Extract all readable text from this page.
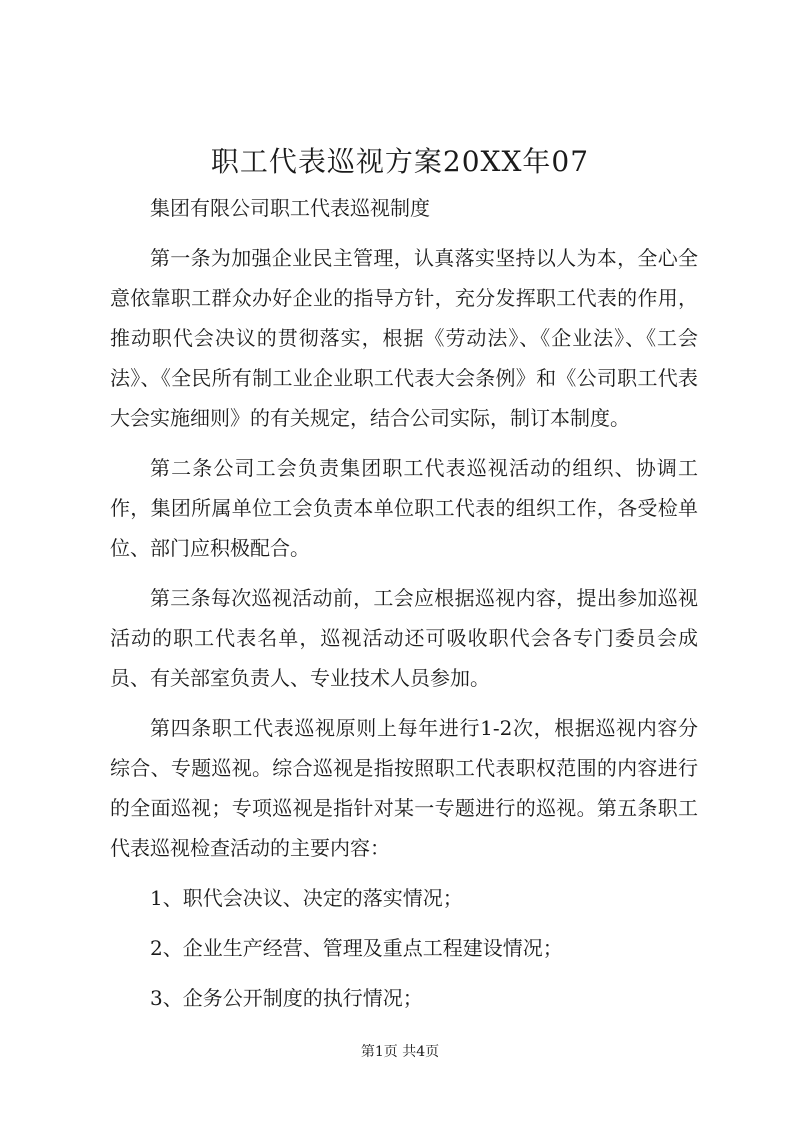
职工代表巡视方案20XX年07

集团有限公司职工代表巡视制度

第一条为加强企业民主管理，认真落实坚持以人为本，全心全意依靠职工群众办好企业的指导方针，充分发挥职工代表的作用，推动职代会决议的贯彻落实，根据《劳动法》、《企业法》、《工会法》、《全民所有制工业企业职工代表大会条例》和《公司职工代表大会实施细则》的有关规定，结合公司实际，制订本制度。

第二条公司工会负责集团职工代表巡视活动的组织、协调工作，集团所属单位工会负责本单位职工代表的组织工作，各受检单位、部门应积极配合。

第三条每次巡视活动前，工会应根据巡视内容，提出参加巡视活动的职工代表名单，巡视活动还可吸收职代会各专门委员会成员、有关部室负责人、专业技术人员参加。

第四条职工代表巡视原则上每年进行1-2次，根据巡视内容分综合、专题巡视。综合巡视是指按照职工代表职权范围的内容进行的全面巡视；专项巡视是指针对某一专题进行的巡视。第五条职工代表巡视检查活动的主要内容：

1、职代会决议、决定的落实情况；

2、企业生产经营、管理及重点工程建设情况；

3、企务公开制度的执行情况；

第1页 共4页
